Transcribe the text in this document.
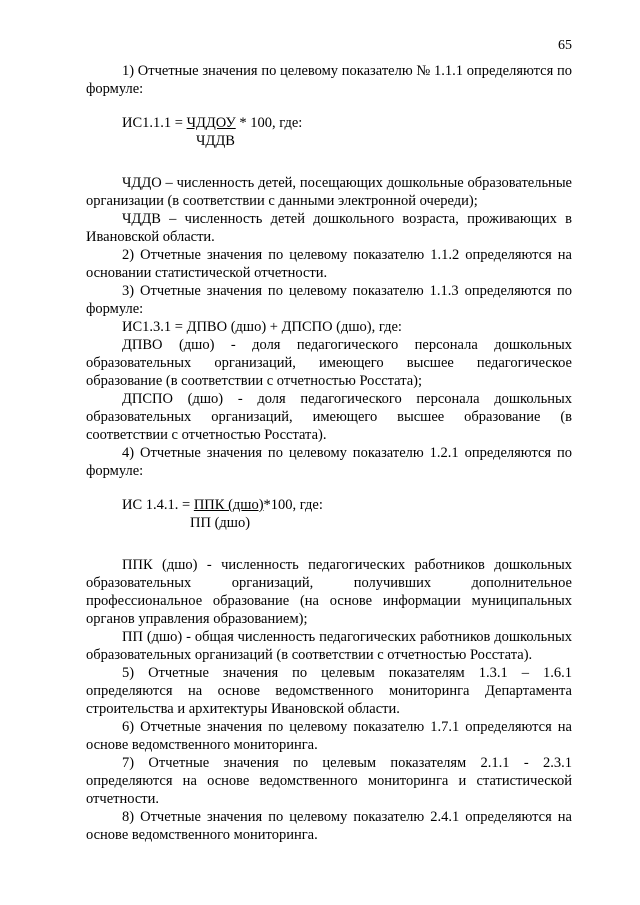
65

1) Отчетные значения по целевому показателю № 1.1.1 определяются по формуле:

ИС1.1.1 = ЧДДОУ * 100, где:
ЧДДВ

ЧДДО – численность детей, посещающих дошкольные образовательные организации (в соответствии с данными электронной очереди);

ЧДДВ – численность детей дошкольного возраста, проживающих в Ивановской области.

2) Отчетные значения по целевому показателю 1.1.2 определяются на основании статистической отчетности.

3) Отчетные значения по целевому показателю 1.1.3 определяются по формуле:

ИС1.3.1 = ДПВО (дшо) + ДПСПО (дшо), где:

ДПВО (дшо) - доля педагогического персонала дошкольных образовательных организаций, имеющего высшее педагогическое образование (в соответствии с отчетностью Росстата);

ДПСПО (дшо) - доля педагогического персонала дошкольных образовательных организаций, имеющего высшее образование (в соответствии с отчетностью Росстата).

4) Отчетные значения по целевому показателю 1.2.1 определяются по формуле:

ИС 1.4.1. = ППК (дшо)*100, где:
ПП (дшо)

ППК (дшо) - численность педагогических работников дошкольных образовательных организаций, получивших дополнительное профессиональное образование (на основе информации муниципальных органов управления образованием);

ПП (дшо) - общая численность педагогических работников дошкольных образовательных организаций (в соответствии с отчетностью Росстата).

5) Отчетные значения по целевым показателям 1.3.1 – 1.6.1 определяются на основе ведомственного мониторинга Департамента строительства и архитектуры Ивановской области.

6) Отчетные значения по целевому показателю 1.7.1 определяются на основе ведомственного мониторинга.

7) Отчетные значения по целевым показателям 2.1.1 - 2.3.1 определяются на основе ведомственного мониторинга и статистической отчетности.

8) Отчетные значения по целевому показателю 2.4.1 определяются на основе ведомственного мониторинга.
